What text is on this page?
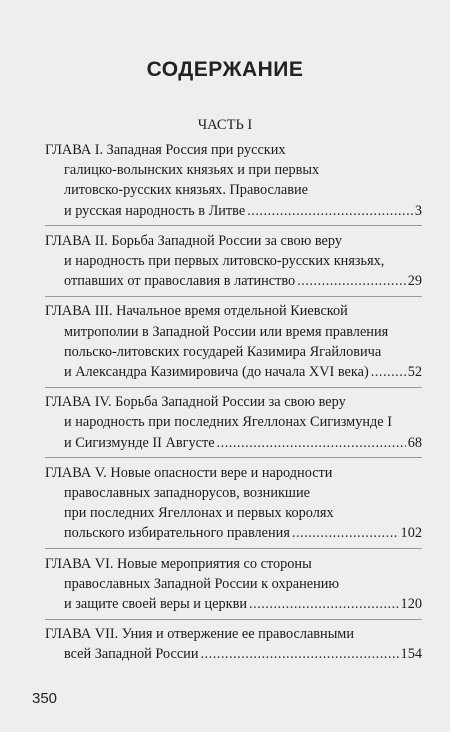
СОДЕРЖАНИЕ
ЧАСТЬ I
ГЛАВА I. Западная Россия при русских
галицко-волынских князьях и при первых
литовско-русских князьях. Православие
и русская народность в Литве .....	3
ГЛАВА II. Борьба Западной России за свою веру
и народность при первых литовско-русских князьях,
отпавших от православия в латинство .....	29
ГЛАВА III. Начальное время отдельной Киевской
митрополии в Западной России или время правления
польско-литовских государей Казимира Ягайловича
и Александра Казимировича (до начала XVI века) .....	52
ГЛАВА IV. Борьба Западной России за свою веру
и народность при последних Ягеллонах Сигизмунде I
и Сигизмунде II Августе .....	68
ГЛАВА V. Новые опасности вере и народности
православных западнорусов, возникшие
при последних Ягеллонах и первых королях
польского избирательного правления .....	102
ГЛАВА VI. Новые мероприятия со стороны
православных Западной России к охранению
и защите своей веры и церкви .....	120
ГЛАВА VII. Уния и отвержение ее православными
всей Западной России .....	154
350
